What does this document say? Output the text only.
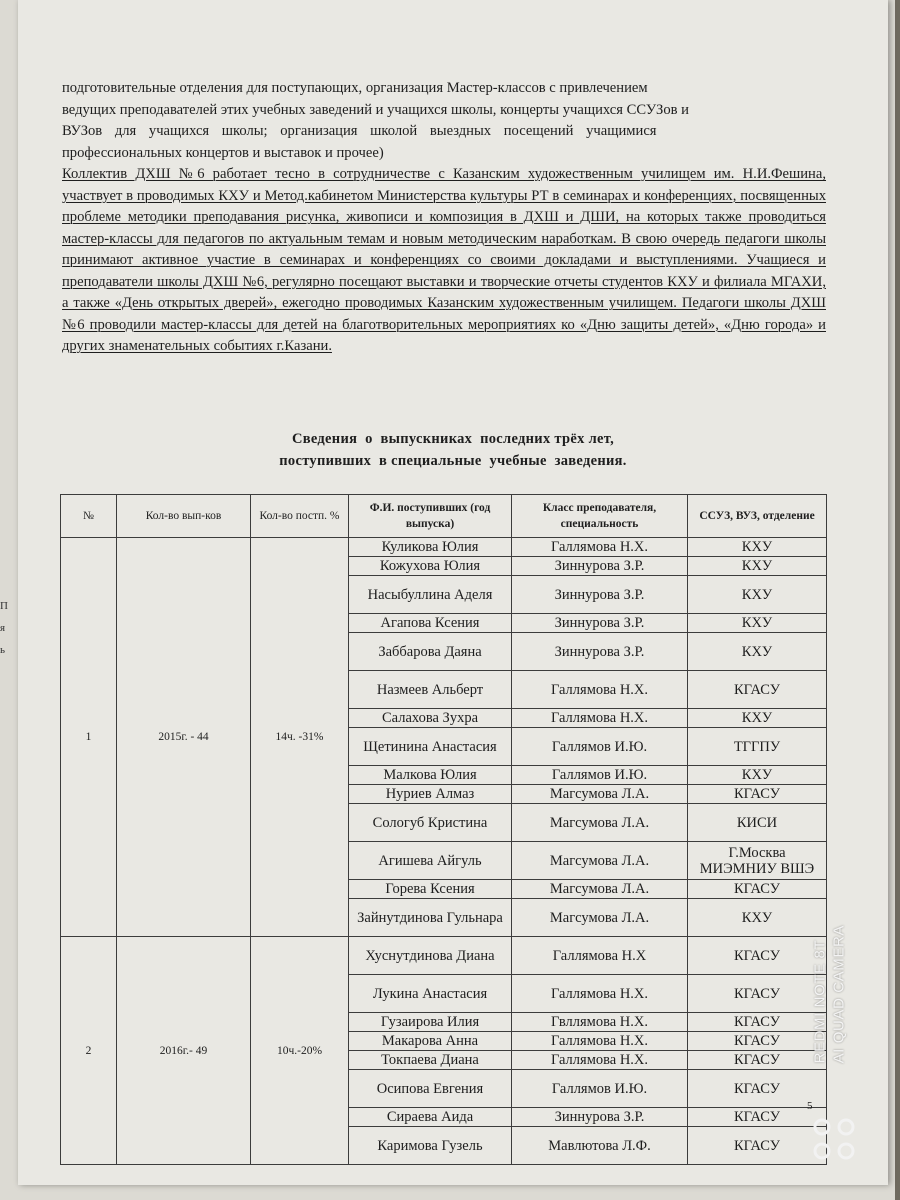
П
я
ь

подготовительные отделения для поступающих, организация Мастер-классов с привлечением

ведущих преподавателей этих учебных заведений и учащихся школы, концерты учащихся ССУЗов и

ВУЗов для учащихся школы; организация школой выездных посещений учащимися

профессиональных концертов и выставок и прочее)

Коллектив ДХШ №6 работает тесно в сотрудничестве с Казанским художественным училищем им. Н.И.Фешина, участвует в проводимых КХУ и Метод.кабинетом Министерства культуры РТ в семинарах и конференциях, посвященных проблеме методики преподавания рисунка, живописи и композиция в ДХШ и ДШИ, на которых также проводиться мастер-классы для педагогов по актуальным темам и новым методическим наработкам. В свою очередь педагоги школы принимают активное участие в семинарах и конференциях со своими докладами и выступлениями. Учащиеся и преподаватели школы ДХШ №6, регулярно посещают выставки и творческие отчеты студентов КХУ и филиала МГАХИ, а также «День открытых дверей», ежегодно проводимых Казанским художественным училищем. Педагоги школы ДХШ №6 проводили мастер-классы для детей на благотворительных мероприятиях ко «Дню защиты детей», «Дню города» и других знаменательных событиях г.Казани.

Сведения  о  выпускниках  последних трёх лет,
поступивших  в специальные  учебные  заведения.
№	Кол-во вып-ков	Кол-во постп. %	Ф.И. поступивших (год выпуска)	Класс преподавателя, специальность	ССУЗ, ВУЗ, отделение
1	2015г. - 44	14ч. -31%	Куликова Юлия	Галлямова Н.Х.	КХУ
			Кожухова Юлия	Зиннурова З.Р.	КХУ
			Насыбуллина Аделя	Зиннурова З.Р.	КХУ
			Агапова Ксения	Зиннурова З.Р.	КХУ
			Заббарова Даяна	Зиннурова З.Р.	КХУ
			Назмеев Альберт	Галлямова Н.Х.	КГАСУ
			Салахова Зухра	Галлямова Н.Х.	КХУ
			Щетинина Анастасия	Галлямов И.Ю.	ТГГПУ
			Малкова Юлия	Галлямов И.Ю.	КХУ
			Нуриев Алмаз	Магсумова Л.А.	КГАСУ
			Сологуб Кристина	Магсумова Л.А.	КИСИ
			Агишева Айгуль	Магсумова Л.А.	Г.Москва МИЭМНИУ ВШЭ
			Горева Ксения	Магсумова Л.А.	КГАСУ
			Зайнутдинова Гульнара	Магсумова Л.А.	КХУ
2	2016г.- 49	10ч.-20%	Хуснутдинова Диана	Галлямова Н.Х	КГАСУ
			Лукина Анастасия	Галлямова Н.Х.	КГАСУ
			Гузаирова Илия	Гвллямова Н.Х.	КГАСУ
			Макарова Анна	Галлямова Н.Х.	КГАСУ
			Токпаева Диана	Галлямова Н.Х.	КГАСУ
			Осипова Евгения	Галлямов И.Ю.	КГАСУ
			Сираева Аида	Зиннурова З.Р.	КГАСУ
			Каримова Гузель	Мавлютова Л.Ф.	КГАСУ
5
REDMI NOTE 8T AI QUAD CAMERA
